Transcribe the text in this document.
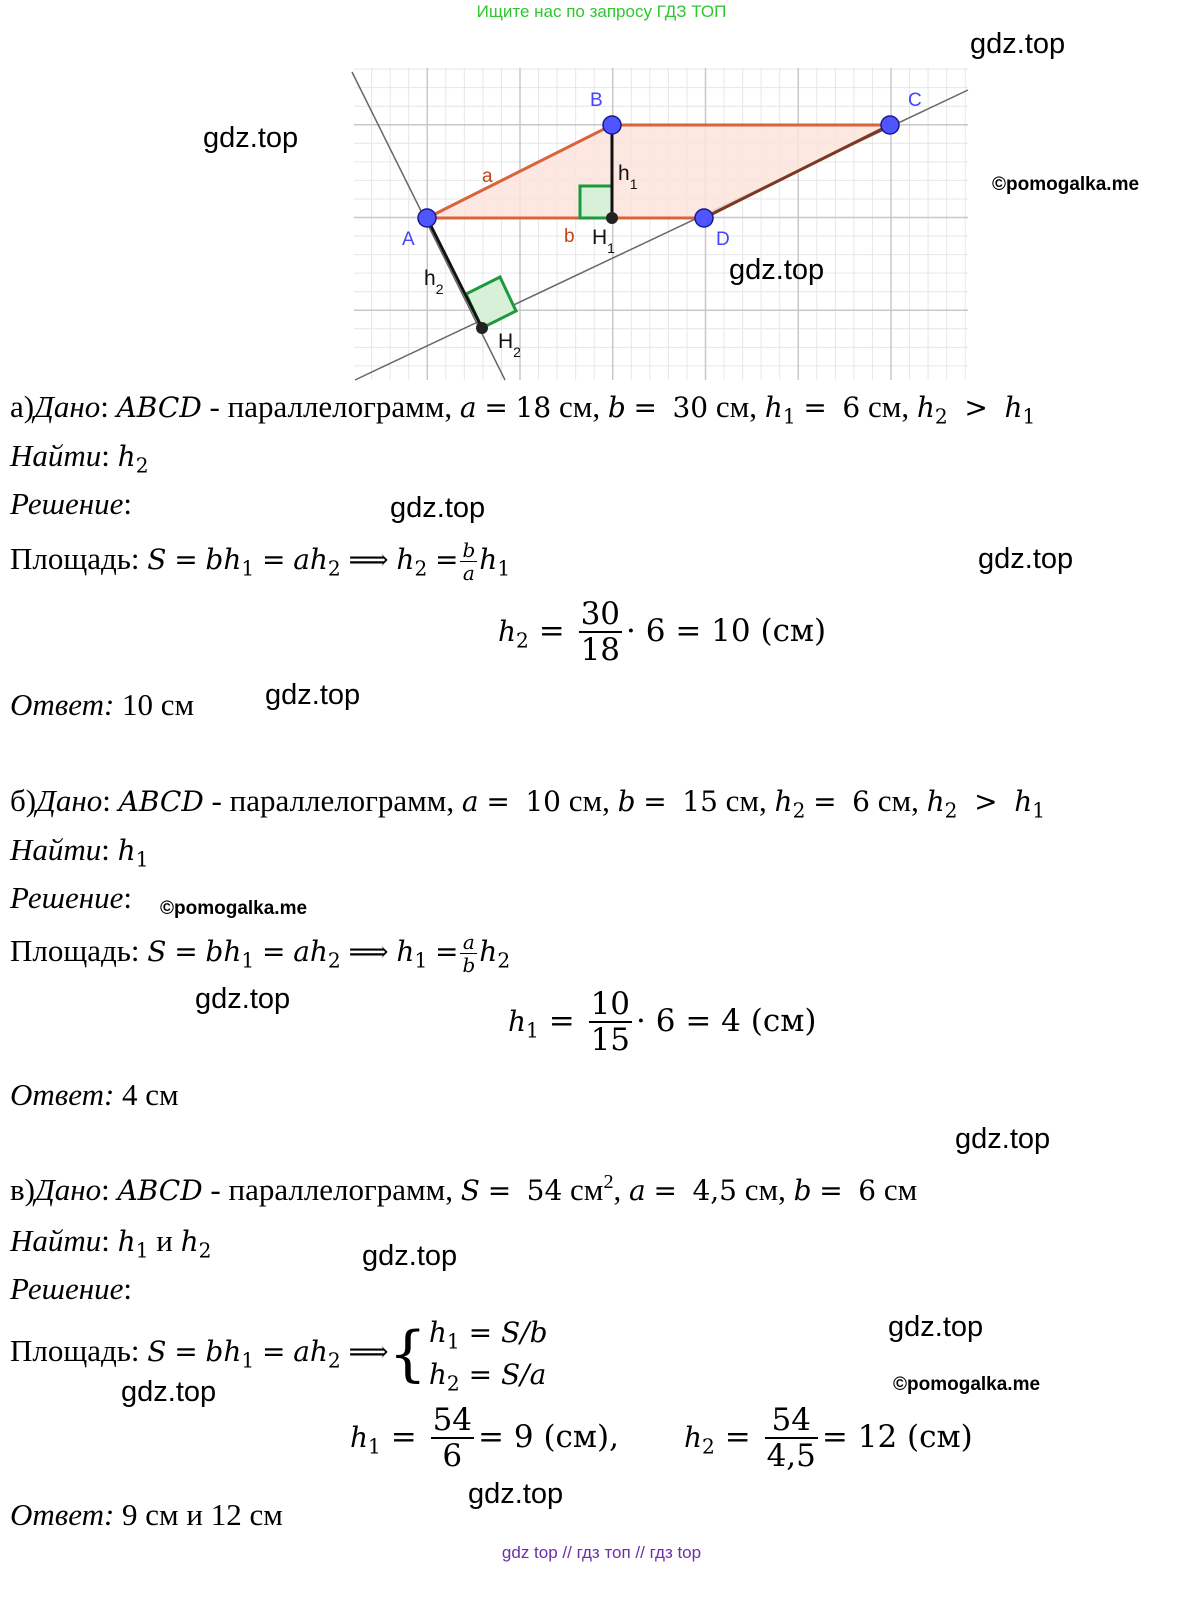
Ищите нас по запросу ГДЗ ТОП
B	C
A	D
a
b
$h_1$
$H_1$
$h_2$
$H_2$
gdz.top
gdz.top
©pomogalka.me
gdz.top
gdz.top
gdz.top
gdz.top
©pomogalka.me
gdz.top
gdz.top
gdz.top
gdz.top
©pomogalka.me
gdz.top
gdz.top
а)Дано: ABCD - параллелограмм, a = 18 см, b = 30 см, $h_1 = 6$ см, $h_2 > h_1$
Найти: $h_2$
Решение:
Площадь: $S = bh_1 = ah_2$ ⟹ $h_2 = \frac{b}{a} h_1$
$h_2 = \frac{30}{18} \cdot 6 = 10$ (см)
Ответ: 10 см
б)Дано: ABCD - параллелограмм, a = 10 см, b = 15 см, $h_2 = 6$ см, $h_2 > h_1$
Найти: $h_1$
Решение:
Площадь: $S = bh_1 = ah_2$ ⟹ $h_1 = \frac{a}{b} h_2$
$h_1 = \frac{10}{15} \cdot 6 = 4$ (см)
Ответ: 4 см
в)Дано: ABCD - параллелограмм, S = 54 $см^2$, a = 4,5 см, b = 6 см
Найти: $h_1$ и $h_2$
Решение:
Площадь: $S = bh_1 = ah_2$ ⟹{ $h_1 = S/b$
$h_2 = S/a$
$h_1 = \frac{54}{6} = 9$ (см), $h_2 = \frac{54}{4,5} = 12$ (см)
Ответ: 9 см и 12 см
gdz top // гдз топ // гдз top
